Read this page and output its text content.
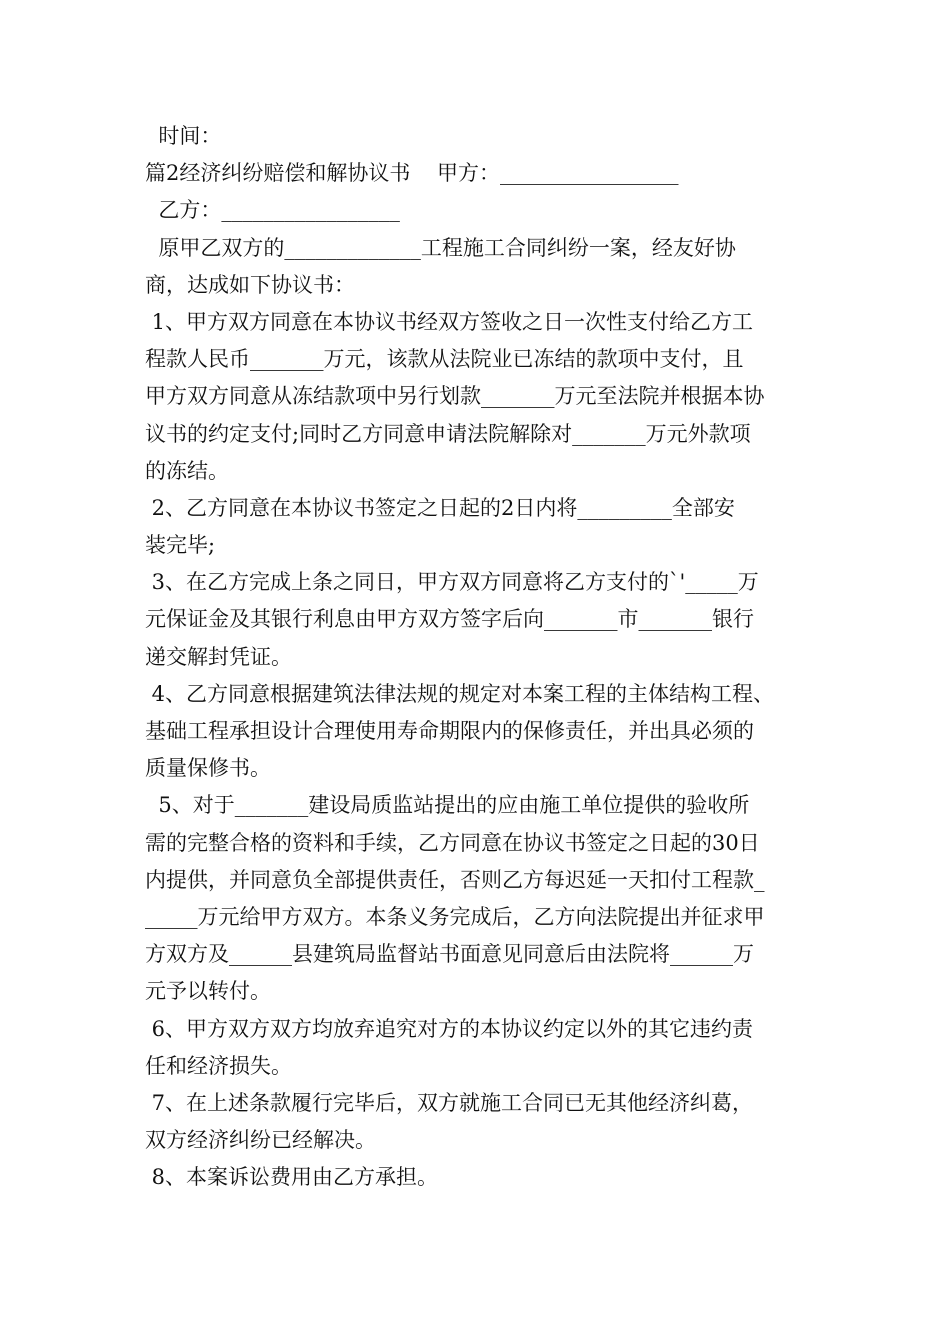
时间：
篇2经济纠纷赔偿和解协议书    甲方：_________________
乙方：_________________
原甲乙双方的_____________工程施工合同纠纷一案，经友好协
商，达成如下协议书：
1、甲方双方同意在本协议书经双方签收之日一次性支付给乙方工
程款人民币_______万元，该款从法院业已冻结的款项中支付，且
甲方双方同意从冻结款项中另行划款_______万元至法院并根据本协
议书的约定支付;同时乙方同意申请法院解除对_______万元外款项
的冻结。
2、乙方同意在本协议书签定之日起的2日内将_________全部安
装完毕;
3、在乙方完成上条之同日，甲方双方同意将乙方支付的`'_____万
元保证金及其银行利息由甲方双方签字后向_______市_______银行
递交解封凭证。
4、乙方同意根据建筑法律法规的规定对本案工程的主体结构工程、
基础工程承担设计合理使用寿命期限内的保修责任，并出具必须的
质量保修书。
5、对于_______建设局质监站提出的应由施工单位提供的验收所
需的完整合格的资料和手续，乙方同意在协议书签定之日起的30日
内提供，并同意负全部提供责任，否则乙方每迟延一天扣付工程款_
_____万元给甲方双方。本条义务完成后，乙方向法院提出并征求甲
方双方及______县建筑局监督站书面意见同意后由法院将______万
元予以转付。
6、甲方双方双方均放弃追究对方的本协议约定以外的其它违约责
任和经济损失。
7、在上述条款履行完毕后，双方就施工合同已无其他经济纠葛，
双方经济纠纷已经解决。
8、本案诉讼费用由乙方承担。
